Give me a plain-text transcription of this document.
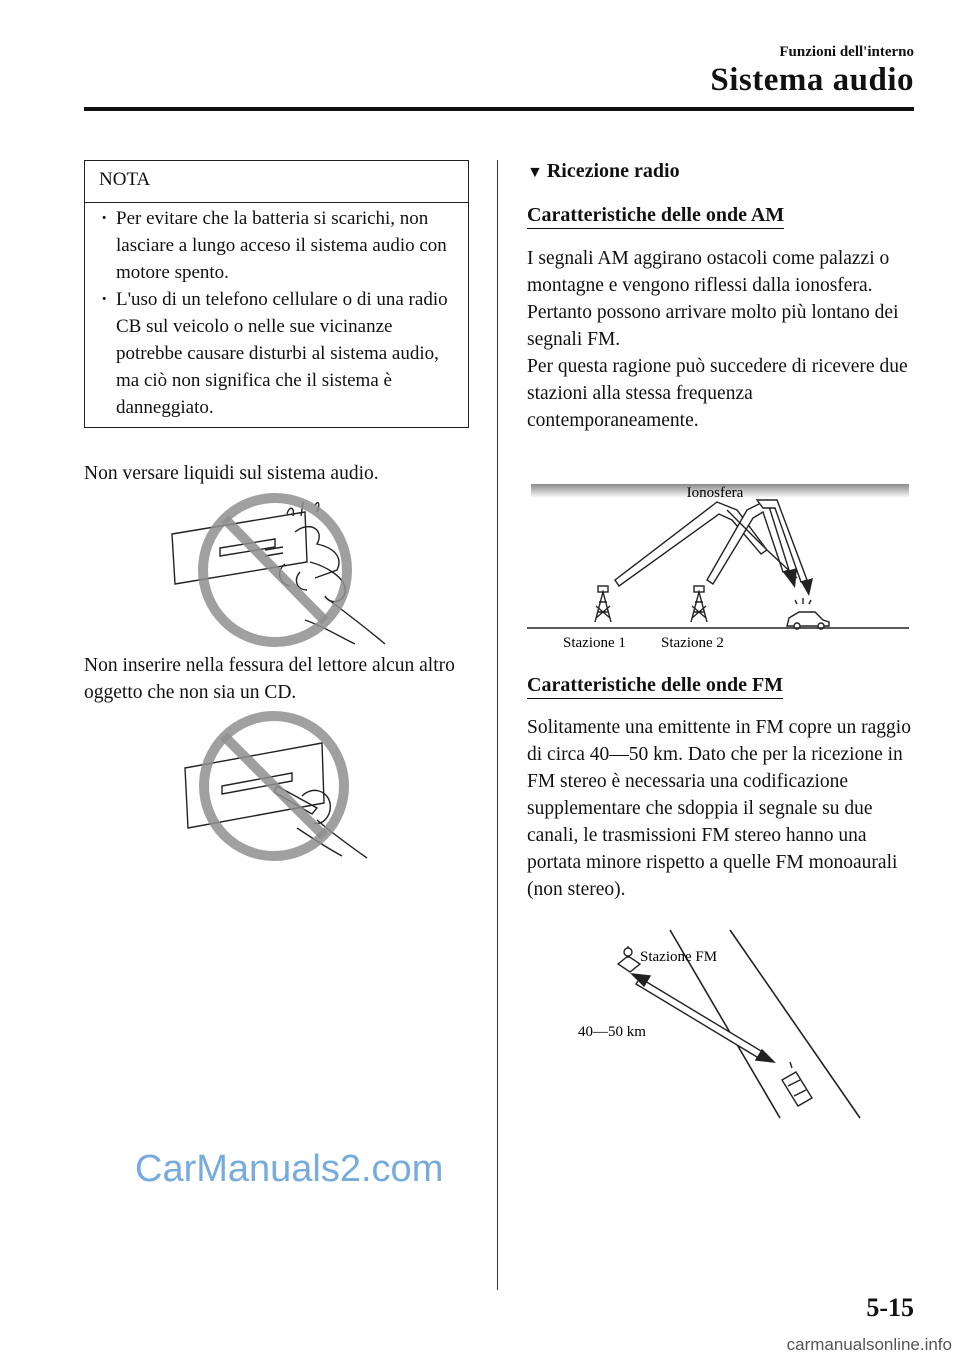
Funzioni dell'interno
Sistema audio
NOTA
· Per evitare che la batteria si scarichi, non lasciare a lungo acceso il sistema audio con motore spento.
· L'uso di un telefono cellulare o di una radio CB sul veicolo o nelle sue vicinanze potrebbe causare disturbi al sistema audio, ma ciò non significa che il sistema è danneggiato.
Non versare liquidi sul sistema audio.
Non inserire nella fessura del lettore alcun altro oggetto che non sia un CD.
▼ Ricezione radio
Caratteristiche delle onde AM
I segnali AM aggirano ostacoli come palazzi o montagne e vengono riflessi dalla ionosfera.
Pertanto possono arrivare molto più lontano dei segnali FM.
Per questa ragione può succedere di ricevere due stazioni alla stessa frequenza contemporaneamente.
Ionosfera
Stazione 1 Stazione 2
Caratteristiche delle onde FM
Solitamente una emittente in FM copre un raggio di circa 40—50 km. Dato che per la ricezione in FM stereo è necessaria una codificazione supplementare che sdoppia il segnale su due canali, le trasmissioni FM stereo hanno una portata minore rispetto a quelle FM monoaurali (non stereo).
Stazione FM
40—50 km
5-15
CarManuals2.com
carmanualsonline.info
